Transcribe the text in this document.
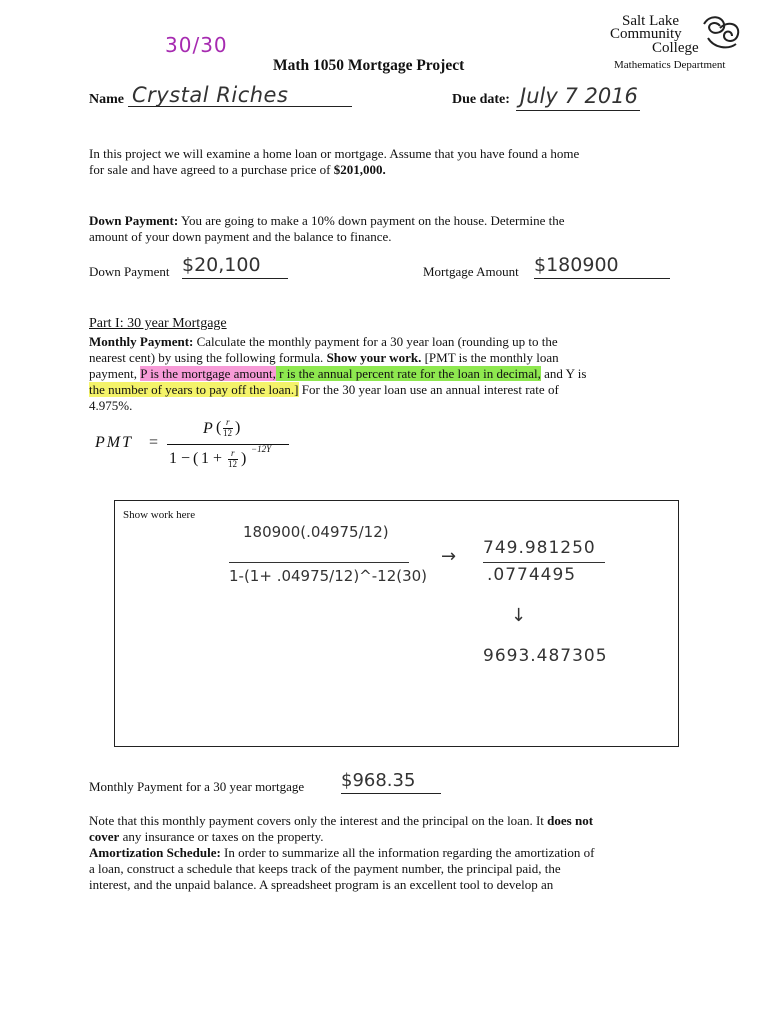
30/30
Math 1050 Mortgage Project
Salt Lake
Community
College
Mathematics Department
Name Crystal Riches	Due date: July 7 2016
In this project we will examine a home loan or mortgage. Assume that you have found a home
for sale and have agreed to a purchase price of $201,000.
Down Payment: You are going to make a 10% down payment on the house. Determine the
amount of your down payment and the balance to finance.
Down Payment $20,100	Mortgage Amount $180900
Part I: 30 year Mortgage
Monthly Payment: Calculate the monthly payment for a 30 year loan (rounding up to the
nearest cent) by using the following formula. Show your work. [PMT is the monthly loan
payment, P is the mortgage amount, r is the annual percent rate for the loan in decimal, and Y is
the number of years to pay off the loan.] For the 30 year loan use an annual interest rate of
4.975%.
PMT =
P ( r
12 )
1 − ( 1 + r
12 )
−12Y
Show work here
180900(.04975/12)
1-(1+ .04975/12)^-12(30)
→ 749.981250
.0774495
↓
9693.487305
Monthly Payment for a 30 year mortgage $968.35
Note that this monthly payment covers only the interest and the principal on the loan. It does not
cover any insurance or taxes on the property.
Amortization Schedule: In order to summarize all the information regarding the amortization of
a loan, construct a schedule that keeps track of the payment number, the principal paid, the
interest, and the unpaid balance. A spreadsheet program is an excellent tool to develop an
